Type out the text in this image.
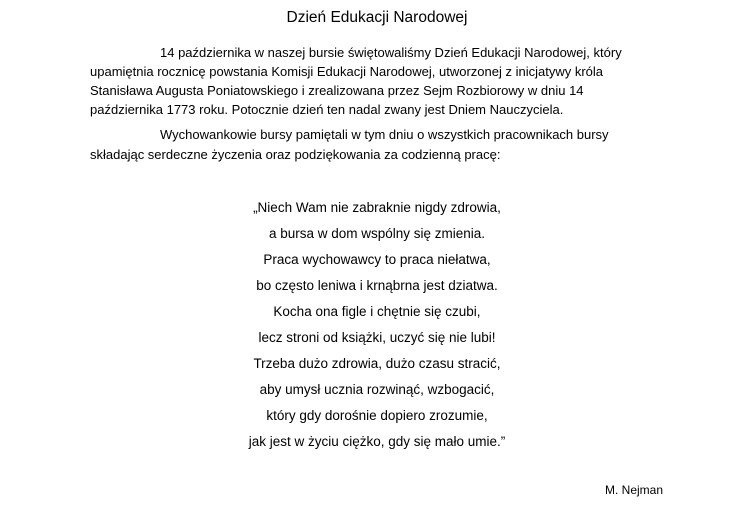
Dzień Edukacji Narodowej
14 października w naszej bursie świętowaliśmy Dzień Edukacji Narodowej, który
upamiętnia rocznicę powstania Komisji Edukacji Narodowej, utworzonej z inicjatywy króla
Stanisława Augusta Poniatowskiego i zrealizowana przez Sejm Rozbiorowy w dniu 14
października 1773 roku. Potocznie dzień ten nadal zwany jest Dniem Nauczyciela.
Wychowankowie bursy pamiętali w tym dniu o wszystkich pracownikach bursy
składając serdeczne życzenia oraz podziękowania za codzienną pracę:
„Niech Wam nie zabraknie nigdy zdrowia,
a bursa w dom wspólny się zmienia.
Praca wychowawcy to praca niełatwa,
bo często leniwa i krnąbrna jest dziatwa.
Kocha ona figle i chętnie się czubi,
lecz stroni od książki, uczyć się nie lubi!
Trzeba dużo zdrowia, dużo czasu stracić,
aby umysł ucznia rozwinąć, wzbogacić,
który gdy dorośnie dopiero zrozumie,
jak jest w życiu ciężko, gdy się mało umie.”
M. Nejman
